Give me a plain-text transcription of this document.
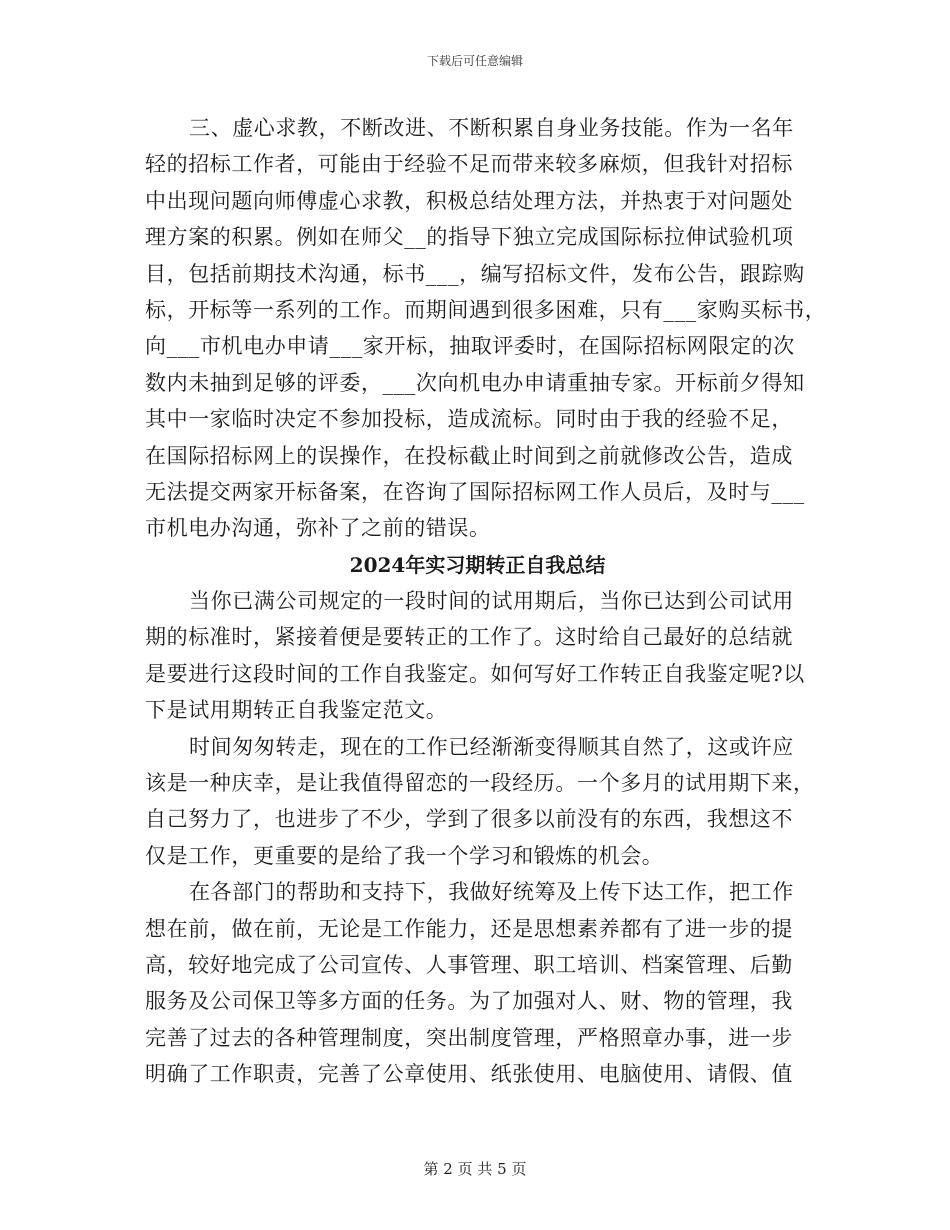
下载后可任意编辑
三、虚心求教，不断改进、不断积累自身业务技能。作为一名年
轻的招标工作者，可能由于经验不足而带来较多麻烦，但我针对招标
中出现问题向师傅虚心求教，积极总结处理方法，并热衷于对问题处
理方案的积累。例如在师父__的指导下独立完成国际标拉伸试验机项
目，包括前期技术沟通，标书___，编写招标文件，发布公告，跟踪购
标，开标等一系列的工作。而期间遇到很多困难，只有___家购买标书，
向___市机电办申请___家开标，抽取评委时，在国际招标网限定的次
数内未抽到足够的评委，___次向机电办申请重抽专家。开标前夕得知
其中一家临时决定不参加投标，造成流标。同时由于我的经验不足，
在国际招标网上的误操作，在投标截止时间到之前就修改公告，造成
无法提交两家开标备案，在咨询了国际招标网工作人员后，及时与___
市机电办沟通，弥补了之前的错误。
2024年实习期转正自我总结
当你已满公司规定的一段时间的试用期后，当你已达到公司试用
期的标准时，紧接着便是要转正的工作了。这时给自己最好的总结就
是要进行这段时间的工作自我鉴定。如何写好工作转正自我鉴定呢?以
下是试用期转正自我鉴定范文。
时间匆匆转走，现在的工作已经渐渐变得顺其自然了，这或许应
该是一种庆幸，是让我值得留恋的一段经历。一个多月的试用期下来，
自己努力了，也进步了不少，学到了很多以前没有的东西，我想这不
仅是工作，更重要的是给了我一个学习和锻炼的机会。
在各部门的帮助和支持下，我做好统筹及上传下达工作，把工作
想在前，做在前，无论是工作能力，还是思想素养都有了进一步的提
高，较好地完成了公司宣传、人事管理、职工培训、档案管理、后勤
服务及公司保卫等多方面的任务。为了加强对人、财、物的管理，我
完善了过去的各种管理制度，突出制度管理，严格照章办事，进一步
明确了工作职责，完善了公章使用、纸张使用、电脑使用、请假、值
第 2 页 共 5 页
